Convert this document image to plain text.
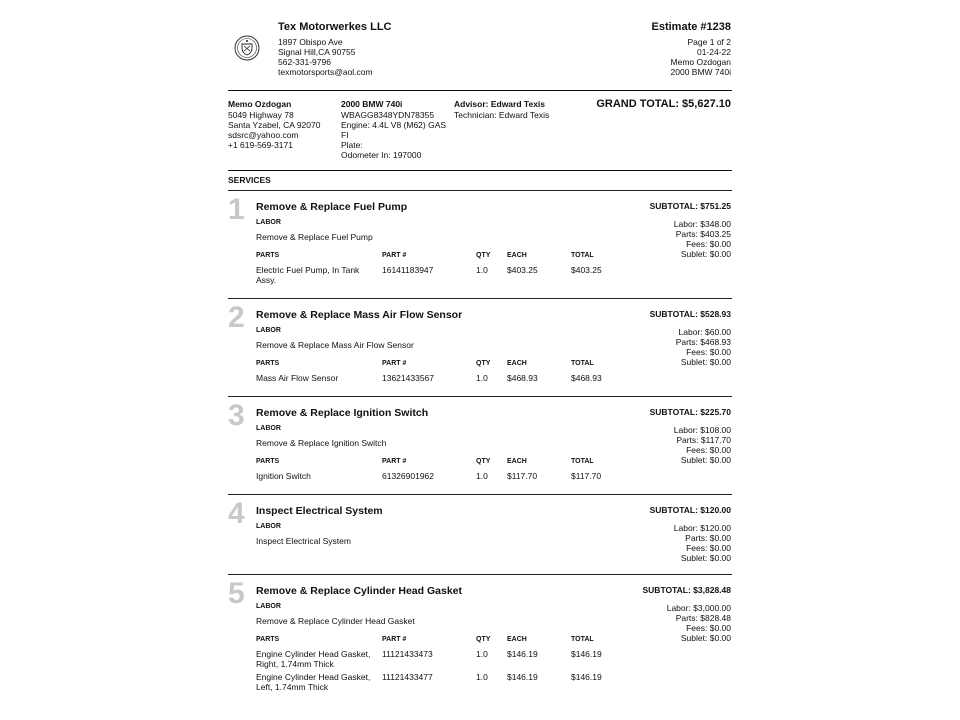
Tex Motorwerkes LLC
1897 Obispo Ave
Signal Hill,CA 90755
562-331-9796
texmotorsports@aol.com
Estimate #1238
Page 1 of 2
01-24-22
Memo Ozdogan
2000 BMW 740i
Memo Ozdogan
5049 Highway 78
Santa Yzabel, CA 92070
sdsrc@yahoo.com
+1 619-569-3171
2000 BMW 740i
WBAGG8348YDN78355
Engine: 4.4L V8 (M62) GAS
FI
Plate:
Odometer In: 197000
Advisor: Edward Texis
Technician: Edward Texis
GRAND TOTAL: $5,627.10
SERVICES
1 Remove & Replace Fuel Pump	SUBTOTAL: $751.25
Labor: $348.00
Parts: $403.25
Fees: $0.00
Sublet: $0.00
LABOR
Remove & Replace Fuel Pump
PARTS	PART #	QTY EACH	TOTAL
Electric Fuel Pump, In Tank Assy.
16141183947	1.0 $403.25	$403.25
2 Remove & Replace Mass Air Flow Sensor	SUBTOTAL: $528.93
Labor: $60.00
Parts: $468.93
Fees: $0.00
Sublet: $0.00
LABOR
Remove & Replace Mass Air Flow Sensor
PARTS	PART #	QTY EACH	TOTAL
Mass Air Flow Sensor	13621433567	1.0 $468.93	$468.93
3 Remove & Replace Ignition Switch	SUBTOTAL: $225.70
Labor: $108.00
Parts: $117.70
Fees: $0.00
Sublet: $0.00
LABOR
Remove & Replace Ignition Switch
PARTS	PART #	QTY EACH	TOTAL
Ignition Switch	61326901962	1.0 $117.70	$117.70
4 Inspect Electrical System	SUBTOTAL: $120.00
Labor: $120.00
Parts: $0.00
Fees: $0.00
Sublet: $0.00
LABOR
Inspect Electrical System
5 Remove & Replace Cylinder Head Gasket	SUBTOTAL: $3,828.48
Labor: $3,000.00
Parts: $828.48
Fees: $0.00
Sublet: $0.00
LABOR
Remove & Replace Cylinder Head Gasket
PARTS	PART #	QTY EACH	TOTAL
Engine Cylinder Head Gasket, Right, 1.74mm Thick
11121433473	1.0 $146.19	$146.19
Engine Cylinder Head Gasket, Left, 1.74mm Thick
11121433477	1.0 $146.19	$146.19
